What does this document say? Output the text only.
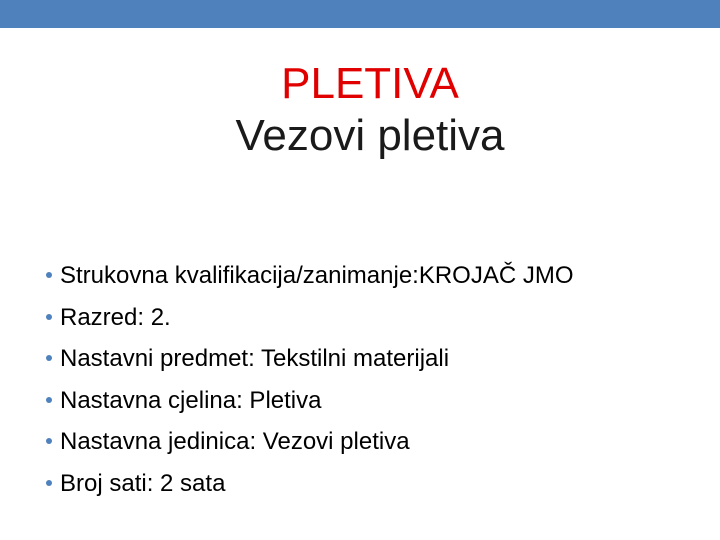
PLETIVA
Vezovi pletiva
Strukovna kvalifikacija/zanimanje:KROJAČ JMO
Razred: 2.
Nastavni predmet: Tekstilni materijali
Nastavna cjelina: Pletiva
Nastavna jedinica: Vezovi pletiva
Broj sati: 2 sata
